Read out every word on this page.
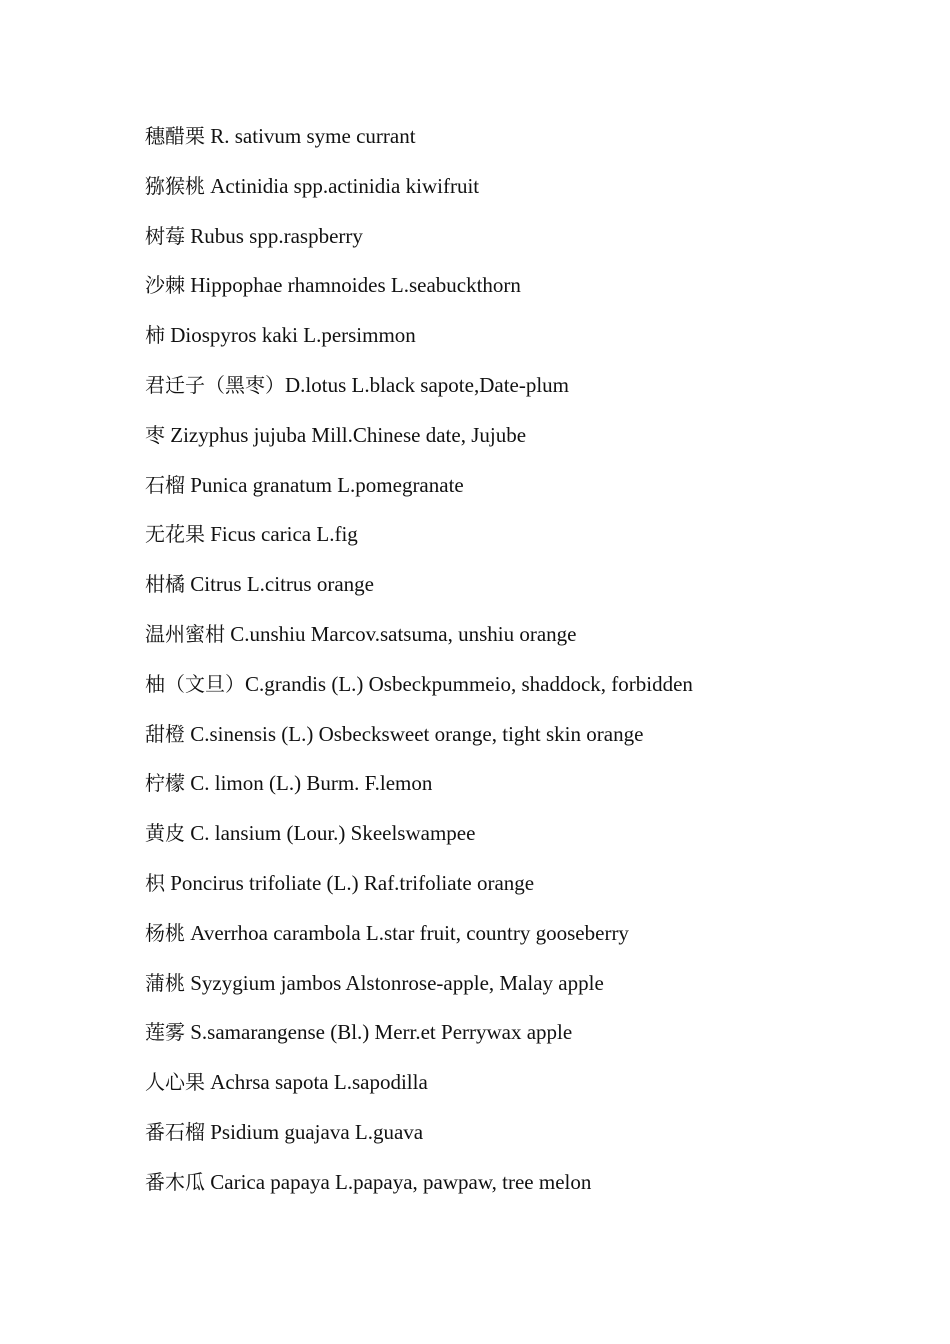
穗醋栗 R. sativum syme currant
猕猴桃 Actinidia spp.actinidia kiwifruit
树莓 Rubus spp.raspberry
沙棘 Hippophae rhamnoides L.seabuckthorn
柿 Diospyros kaki L.persimmon
君迁子（黑枣）D.lotus L.black sapote,Date-plum
枣 Zizyphus jujuba Mill.Chinese date, Jujube
石榴 Punica granatum L.pomegranate
无花果 Ficus carica L.fig
柑橘 Citrus L.citrus orange
温州蜜柑 C.unshiu Marcov.satsuma, unshiu orange
柚（文旦）C.grandis (L.) Osbeckpummeio, shaddock, forbidden
甜橙 C.sinensis (L.) Osbecksweet orange, tight skin orange
柠檬 C. limon (L.) Burm. F.lemon
黄皮 C. lansium (Lour.) Skeelswampee
枳 Poncirus trifoliate (L.) Raf.trifoliate orange
杨桃 Averrhoa carambola L.star fruit, country gooseberry
蒲桃 Syzygium jambos Alstonrose-apple, Malay apple
莲雾 S.samarangense (Bl.) Merr.et Perrywax apple
人心果 Achrsa sapota L.sapodilla
番石榴 Psidium guajava L.guava
番木瓜 Carica papaya L.papaya, pawpaw, tree melon
